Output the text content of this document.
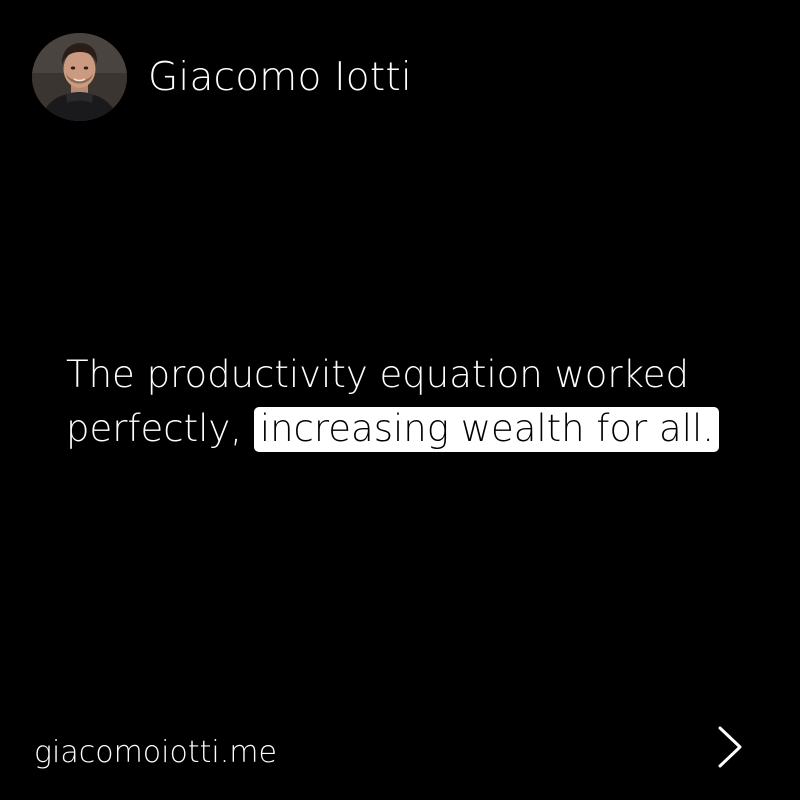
Giacomo Iotti
The productivity equation worked perfectly, increasing wealth for all.
giacomoiotti.me
